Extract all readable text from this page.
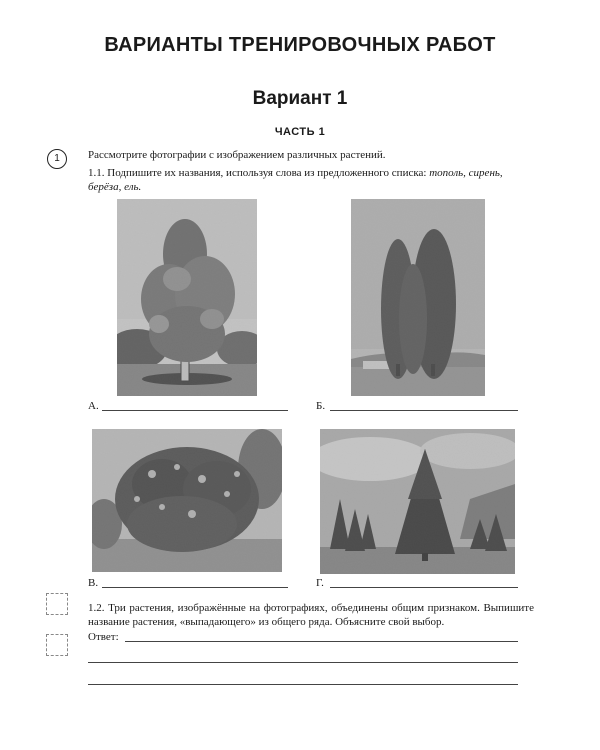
ВАРИАНТЫ ТРЕНИРОВОЧНЫХ РАБОТ
Вариант 1
ЧАСТЬ 1
1	Рассмотрите фотографии с изображением различных растений.
1.1. Подпишите их названия, используя слова из предложенного списка: тополь, сирень, берёза, ель.
А.	Б.
В.	Г.
1.2. Три растения, изображённые на фотографиях, объединены общим признаком. Выпишите название растения, «выпадающего» из общего ряда. Объясните свой выбор.
Ответ:
